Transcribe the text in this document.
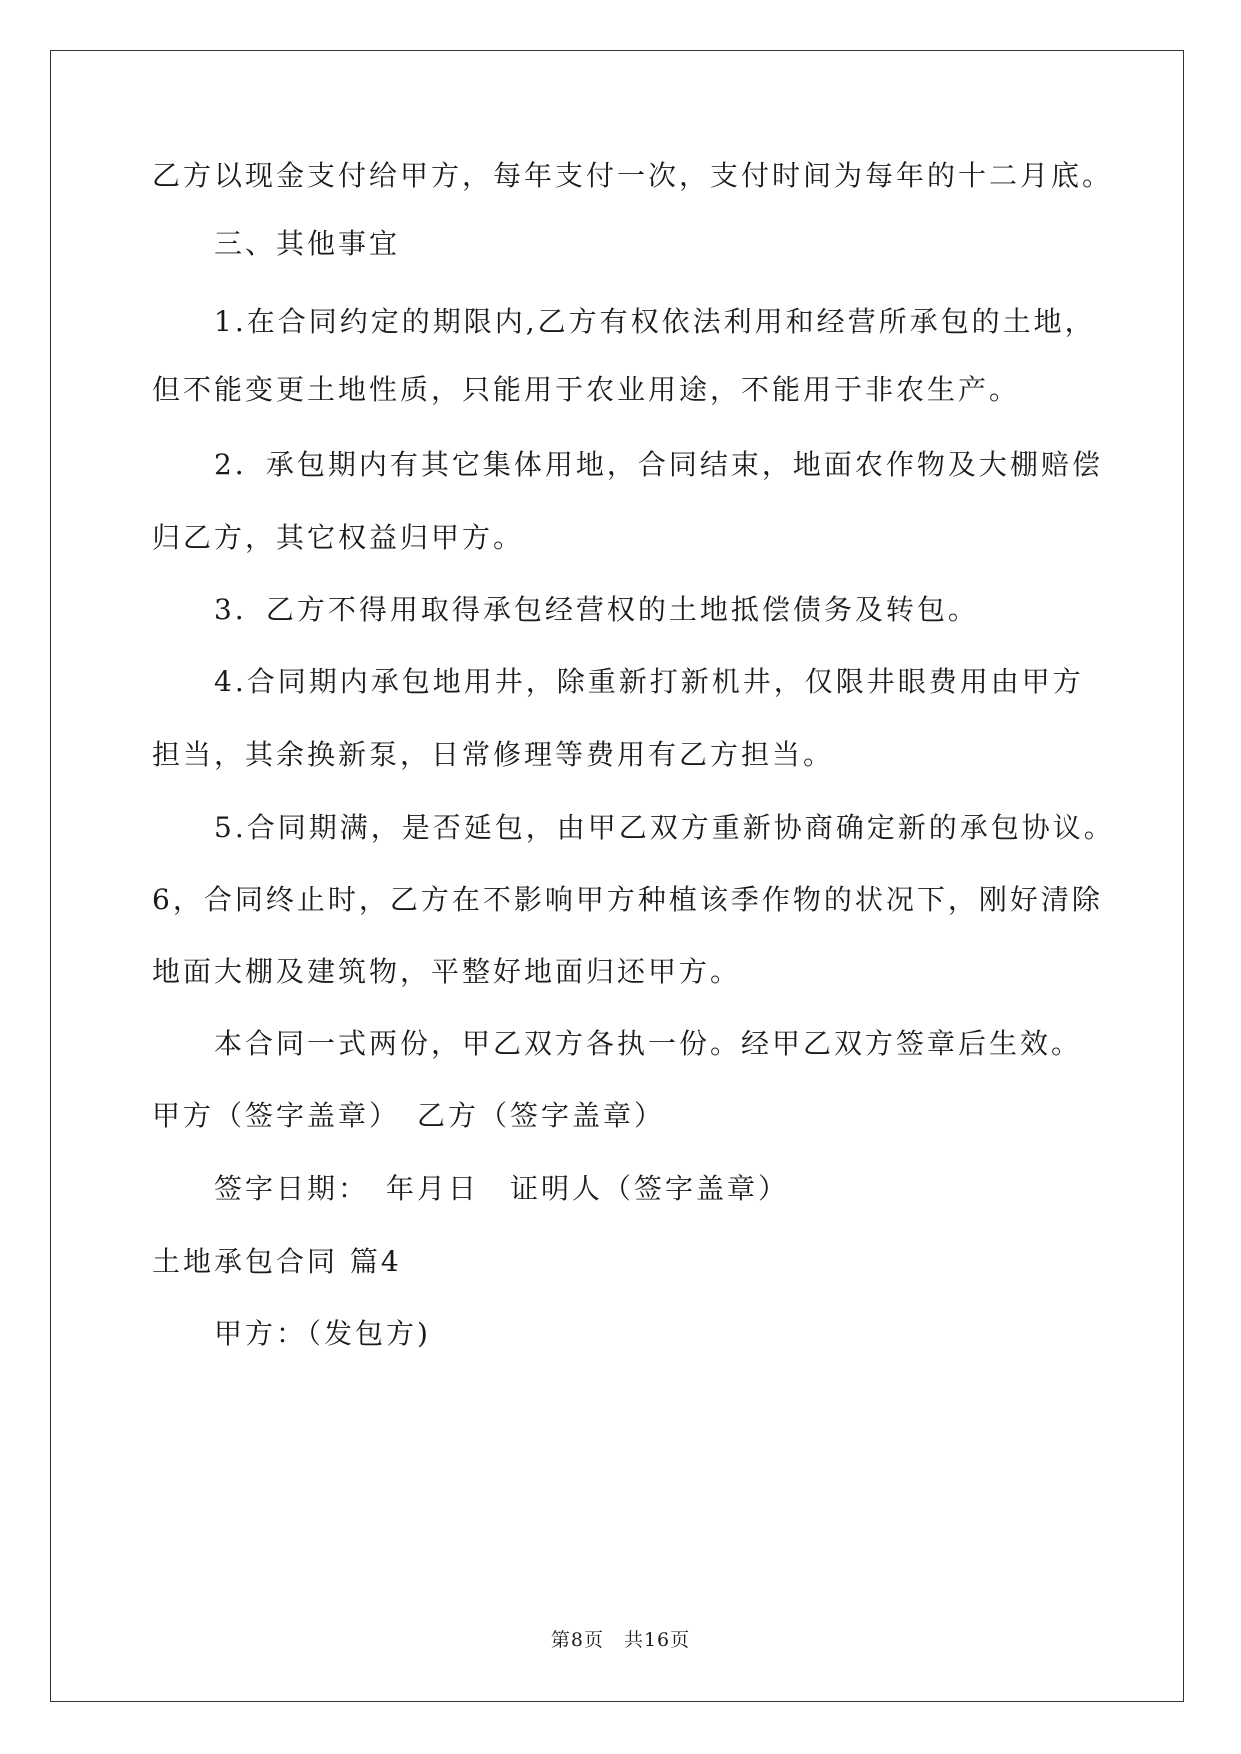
乙方以现金支付给甲方，每年支付一次，支付时间为每年的十二月底。
三、其他事宜
1.在合同约定的期限内,乙方有权依法利用和经营所承包的土地，
但不能变更土地性质，只能用于农业用途，不能用于非农生产。
2．承包期内有其它集体用地，合同结束，地面农作物及大棚赔偿
归乙方，其它权益归甲方。
3．乙方不得用取得承包经营权的土地抵偿债务及转包。
4.合同期内承包地用井，除重新打新机井，仅限井眼费用由甲方
担当，其余换新泵，日常修理等费用有乙方担当。
5.合同期满，是否延包，由甲乙双方重新协商确定新的承包协议。
6，合同终止时，乙方在不影响甲方种植该季作物的状况下，刚好清除
地面大棚及建筑物，平整好地面归还甲方。
本合同一式两份，甲乙双方各执一份。经甲乙双方签章后生效。
甲方（签字盖章）　乙方（签字盖章）
签字日期：　年月日　证明人（签字盖章）
土地承包合同 篇4
甲方：（发包方)
第8页 共16页
